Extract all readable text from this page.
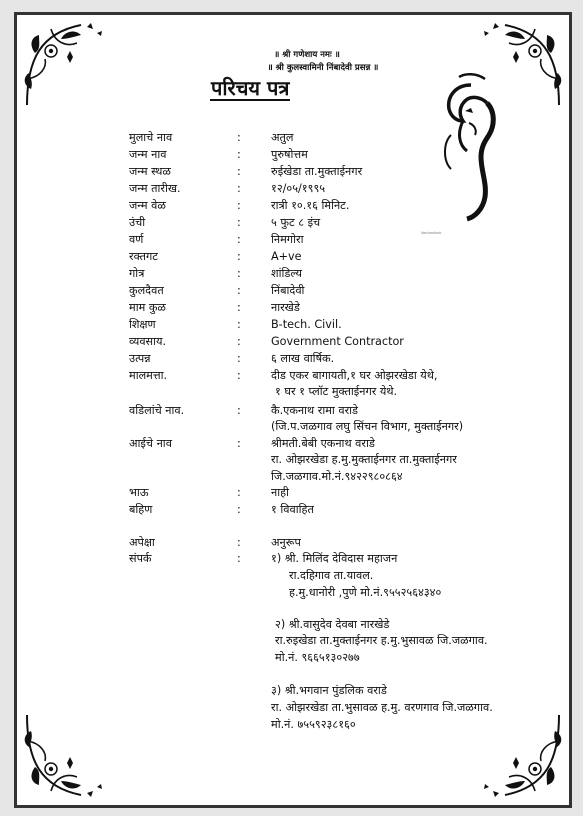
॥ श्री गणेशाय नमः ॥
॥ श्री कुलस्वामिनी निंबादेवी प्रसन्न ॥
परिचय पत्र
Vectorstock
मुलाचे नाव	:	अतुल
जन्म नाव	:	पुरुषोत्तम
जन्म स्थळ	:	रुईखेडा ता.मुक्ताईनगर
जन्म तारीख.	:	१२/०५/१९९५
जन्म वेळ	:	रात्री १०.१६ मिनिट.
उंची	:	५ फुट ८ इंच
वर्ण	:	निमगोरा
रक्तगट	:	A+ve
गोत्र	:	शांडिल्य
कुलदैवत	:	निंबादेवी
माम कुळ	:	नारखेडे
शिक्षण	:	B-tech. Civil.
व्यवसाय.	:	Government Contractor
उत्पन्न	:	६ लाख वार्षिक.
मालमत्ता.	:	दीड एकर बागायती,१ घर ओझरखेडा येथे,
१ घर १ प्लॉट मुक्ताईनगर येथे.
वडिलांचे नाव.	:	कै.एकनाथ रामा वराडे
(जि.प.जळगाव लघु सिंचन विभाग, मुक्ताईनगर)
आईचे नाव	:	श्रीमती.बेबी एकनाथ वराडे
रा. ओझरखेडा ह.मु.मुक्ताईनगर ता.मुक्ताईनगर
जि.जळगाव.मो.नं.९४२२९८०८६४
भाऊ	:	नाही
बहिण	:	१ विवाहित
अपेक्षा	:	अनुरूप
संपर्क	:	१) श्री. मिलिंद देविदास महाजन
रा.दहिगाव ता.यावल.
ह.मु.धानोरी ,पुणे मो.नं.९५५२५६४३४०
२) श्री.वासुदेव देवबा नारखेडे
रा.रुइखेडा ता.मुक्ताईनगर ह.मु.भुसावळ जि.जळगाव.
मो.नं. ९६६५१३०२७७
३) श्री.भगवान पुंडलिक वराडे
रा. ओझरखेडा ता.भुसावळ ह.मु. वरणगाव जि.जळगाव.
मो.नं. ७५५९२३८१६०
